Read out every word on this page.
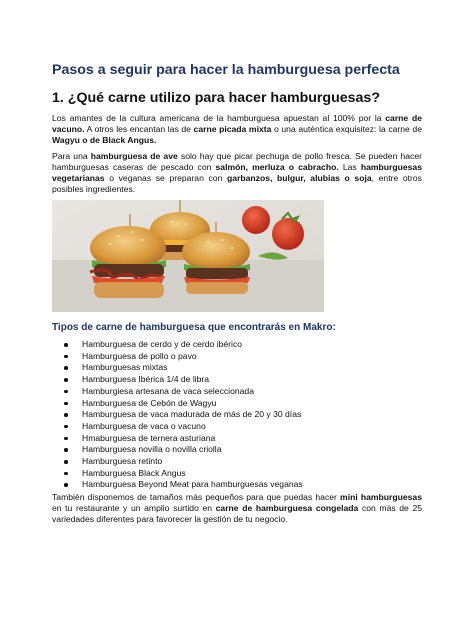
Pasos a seguir para hacer la hamburguesa perfecta
1. ¿Qué carne utilizo para hacer hamburguesas?

Los amantes de la cultura americana de la hamburguesa apuestan al 100% por la carne de vacuno. A otros les encantan las de carne picada mixta o una auténtica exquisitez: la carne de Wagyu o de Black Angus.

Para una hamburguesa de ave solo hay que picar pechuga de pollo fresca. Se pueden hacer hamburguesas caseras de pescado con salmón, merluza o cabracho. Las hamburguesas vegetarianas o veganas se preparan con garbanzos, bulgur, alubias o soja, entre otros posibles ingredientes.

Tipos de carne de hamburguesa que encontrarás en Makro:
Hamburguesa de cerdo y de cerdo ibérico
Hamburguesa de pollo o pavo
Hamburguesas mixtas
Hamburguesa Ibérica 1/4 de libra
Hamburgiesa artesana de vaca seleccionada
Hamburguesa de Cebón de Wagyu
Hamburguesa de vaca madurada de más de 20 y 30 días
Hamburguesa de vaca o vacuno
Hmaburguesa de ternera asturiana
Hamburguesa novilla o novilla criolla
Hamburguesa retinto
Hamburguesa Black Angus
Hamburguesa Beyond Meat para hamburguesas veganas

También disponemos de tamaños más pequeños para que puedas hacer mini hamburguesas en tu restaurante y un amplio surtido en carne de hamburguesa congelada con más de 25 variedades diferentes para favorecer la gestión de tu negocio.
